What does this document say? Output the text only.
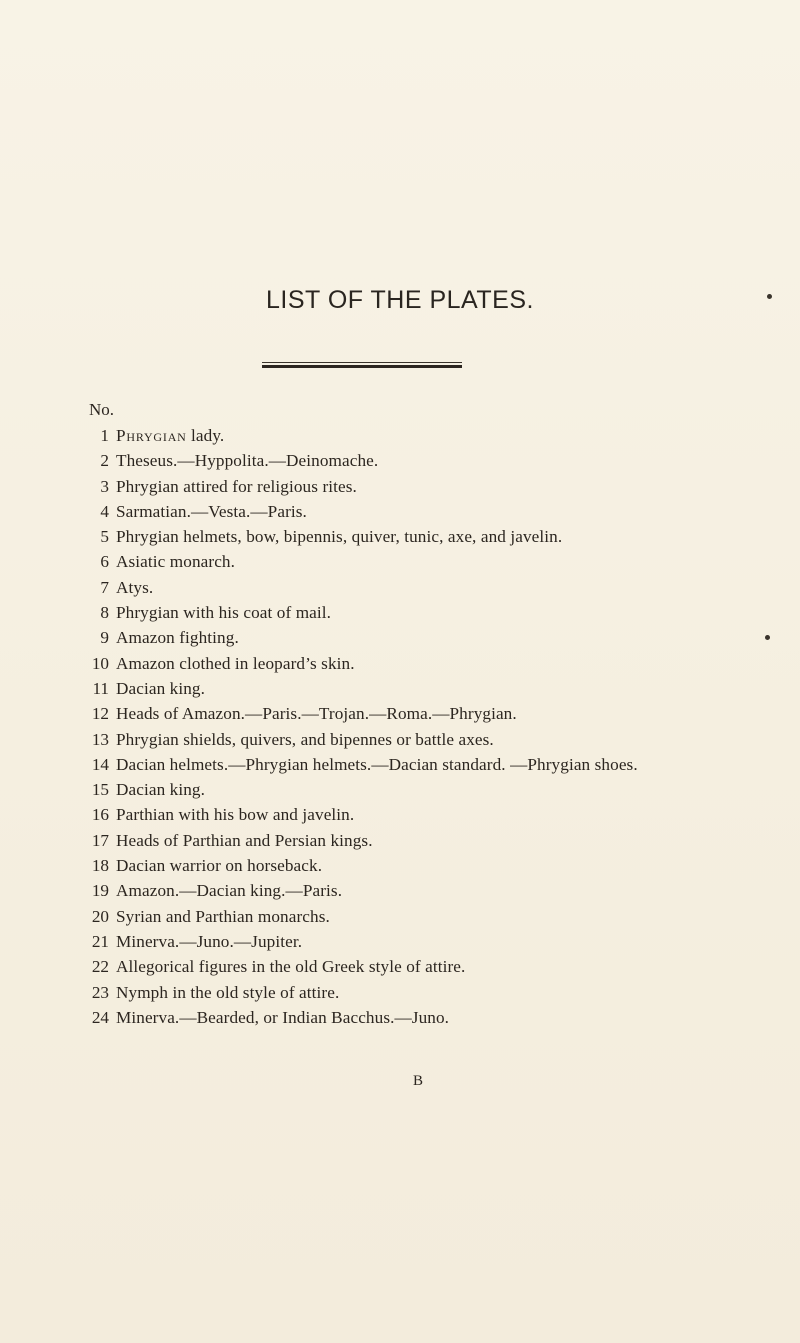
LIST OF THE PLATES.

No.

1 Phrygian lady.
2 Theseus.—Hyppolita.—Deinomache.
3 Phrygian attired for religious rites.
4 Sarmatian.—Vesta.—Paris.
5 Phrygian helmets, bow, bipennis, quiver, tunic, axe, and javelin.
6 Asiatic monarch.
7 Atys.
8 Phrygian with his coat of mail.
9 Amazon fighting.
10 Amazon clothed in leopard’s skin.
11 Dacian king.
12 Heads of Amazon.—Paris.—Trojan.—Roma.—Phrygian.
13 Phrygian shields, quivers, and bipennes or battle axes.
14 Dacian helmets.—Phrygian helmets.—Dacian standard. —Phrygian shoes.
15 Dacian king.
16 Parthian with his bow and javelin.
17 Heads of Parthian and Persian kings.
18 Dacian warrior on horseback.
19 Amazon.—Dacian king.—Paris.
20 Syrian and Parthian monarchs.
21 Minerva.—Juno.—Jupiter.
22 Allegorical figures in the old Greek style of attire.
23 Nymph in the old style of attire.
24 Minerva.—Bearded, or Indian Bacchus.—Juno.

B
